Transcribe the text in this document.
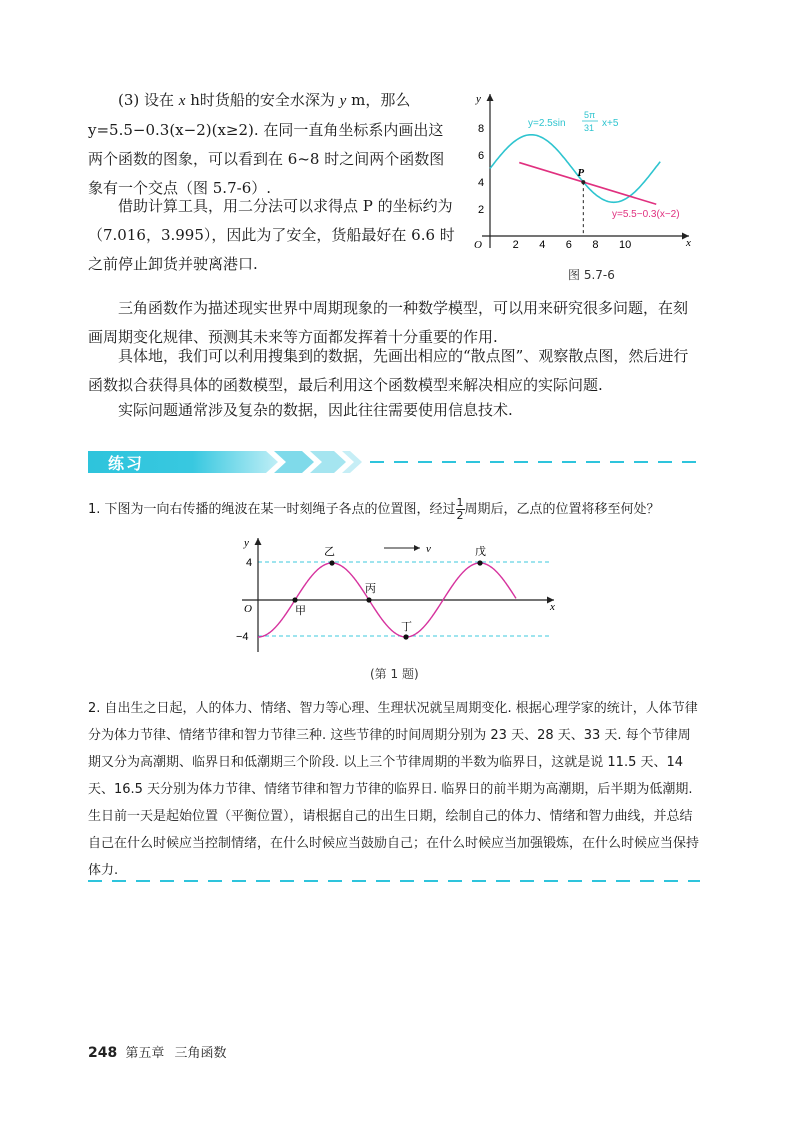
(3) 设在 x h时货船的安全水深为 y m，那么y=5.5−0.3(x−2)(x≥2). 在同一直角坐标系内画出这两个函数的图象，可以看到在 6~8 时之间两个函数图象有一个交点（图 5.7-6）.

借助计算工具，用二分法可以求得点 P 的坐标约为（7.016，3.995），因此为了安全，货船最好在 6.6 时之前停止卸货并驶离港口.

x
y
O	2 4 6 8 10
8
6
4
2
P
y=2.5sin
5π
31 x+5
y=5.5−0.3(x−2)
图 5.7-6

三角函数作为描述现实世界中周期现象的一种数学模型，可以用来研究很多问题，在刻画周期变化规律、预测其未来等方面都发挥着十分重要的作用.

具体地，我们可以利用搜集到的数据，先画出相应的“散点图”、观察散点图，然后进行函数拟合获得具体的函数模型，最后利用这个函数模型来解决相应的实际问题.

实际问题通常涉及复杂的数据，因此往往需要使用信息技术.

练习
1. 下图为一向右传播的绳波在某一时刻绳子各点的位置图，经过 $\frac{1}{2}$ 周期后，乙点的位置将移至何处？
x
y
O
4
−4
v
甲
乙
丙
丁
戊
(第 1 题)
2. 自出生之日起，人的体力、情绪、智力等心理、生理状况就呈周期变化. 根据心理学家的统计，人体节律分为体力节律、情绪节律和智力节律三种. 这些节律的时间周期分别为 23 天、28 天、33 天. 每个节律周期又分为高潮期、临界日和低潮期三个阶段. 以上三个节律周期的半数为临界日，这就是说 11.5 天、14 天、16.5 天分别为体力节律、情绪节律和智力节律的临界日. 临界日的前半期为高潮期，后半期为低潮期. 生日前一天是起始位置（平衡位置），请根据自己的出生日期，绘制自己的体力、情绪和智力曲线，并总结自己在什么时候应当控制情绪，在什么时候应当鼓励自己；在什么时候应当加强锻炼，在什么时候应当保持体力.
248 第五章 三角函数
